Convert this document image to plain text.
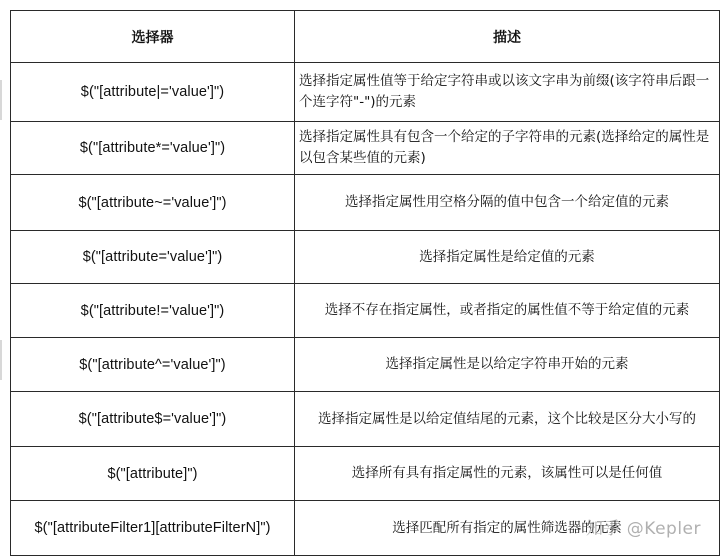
选择器	描述
$("[attribute|='value']")	选择指定属性值等于给定字符串或以该文字串为前缀(该字符串后跟一个连字符"-")的元素
$("[attribute*='value']")	选择指定属性具有包含一个给定的子字符串的元素(选择给定的属性是以包含某些值的元素)
$("[attribute~='value']")	选择指定属性用空格分隔的值中包含一个给定值的元素
$("[attribute='value']")	选择指定属性是给定值的元素
$("[attribute!='value']")	选择不存在指定属性，或者指定的属性值不等于给定值的元素
$("[attribute^='value']")	选择指定属性是以给定字符串开始的元素
$("[attribute$='value']")	选择指定属性是以给定值结尾的元素，这个比较是区分大小写的
$("[attribute]")	选择所有具有指定属性的元素，该属性可以是任何值
$("[attributeFilter1][attributeFilterN]")	选择匹配所有指定的属性筛选器的元素
知乎 @Kepler
